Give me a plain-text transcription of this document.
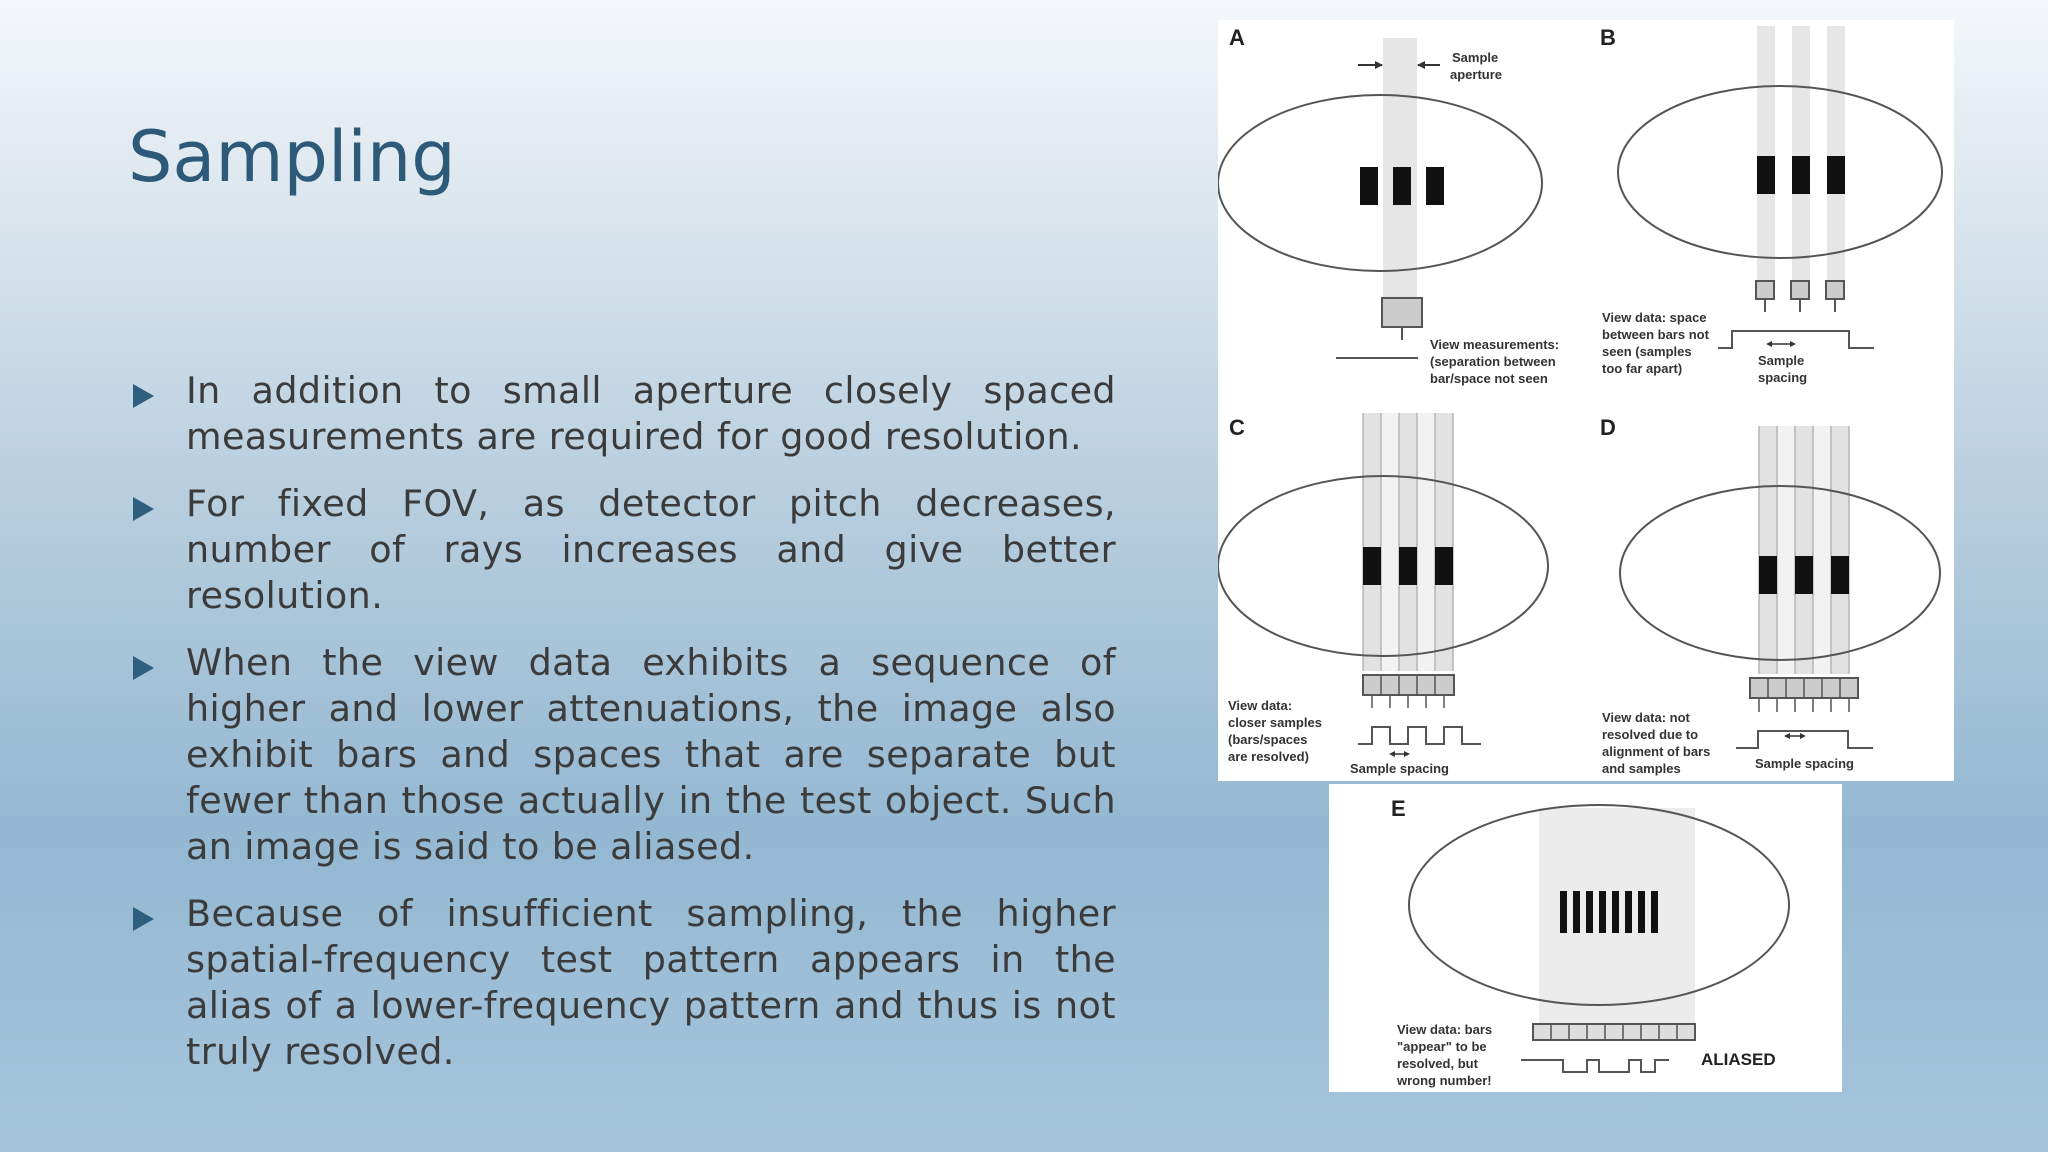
Sampling
In addition to small aperture closely spaced measurements are required for good resolution.
For fixed FOV, as detector pitch decreases, number of rays increases and give better resolution.
When the view data exhibits a sequence of higher and lower attenuations, the image also exhibit bars and spaces that are separate but fewer than those actually in the test object. Such an image is said to be aliased.
Because of insufficient sampling, the higher spatial-frequency test pattern appears in the alias of a lower-frequency pattern and thus is not truly resolved.
A
Sample
aperture
View measurements:
(separation between
bar/space not seen
B
View data: space
between bars not
seen (samples
too far apart)
Sample
spacing
C
View data:
closer samples
(bars/spaces
are resolved)
Sample spacing
D
View data: not
resolved due to
alignment of bars
and samples	Sample spacing
E
View data: bars
"appear" to be
resolved, but
wrong number!
ALIASED
